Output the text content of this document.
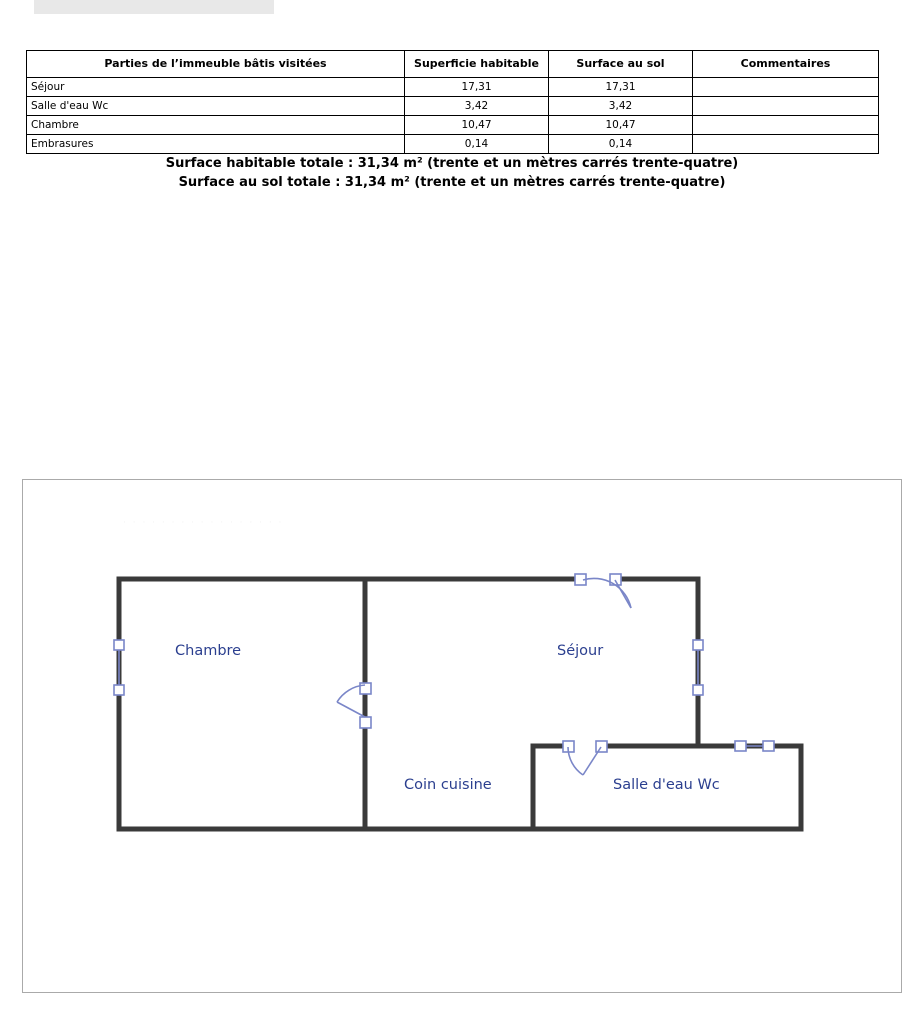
Parties de l’immeuble bâtis visitées	Superficie habitable	Surface au sol	Commentaires
Séjour	17,31	17,31	
Salle d'eau Wc	3,42	3,42	
Chambre	10,47	10,47	
Embrasures	0,14	0,14	
Surface habitable totale : 31,34 m² (trente et un mètres carrés trente-quatre)
Surface au sol totale : 31,34 m² (trente et un mètres carrés trente-quatre)
· · · · · · · · · · · · · · · · ·
Chambre	Séjour
Coin cuisine	Salle d'eau Wc
